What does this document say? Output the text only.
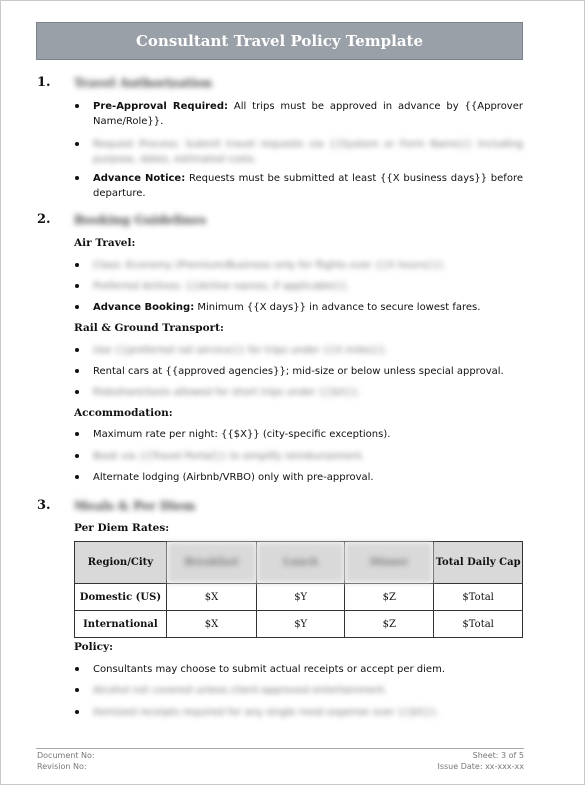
Consultant Travel Policy Template
1. Travel Authorization
Pre-Approval Required: All trips must be approved in advance by {{Approver Name/Role}}.
Request Process: Submit travel requests via {{System or Form Name}} including purpose, dates, estimated costs.
Advance Notice: Requests must be submitted at least {{X business days}} before departure.
2. Booking Guidelines
Air Travel:
Class: Economy (Premium/Business only for flights over {{X hours}}).
Preferred Airlines: {{Airline names, if applicable}}.
Advance Booking: Minimum {{X days}} in advance to secure lowest fares.
Rail & Ground Transport:
Use {{preferred rail service}} for trips under {{X miles}}.
Rental cars at {{approved agencies}}; mid-size or below unless special approval.
Rideshare/taxis allowed for short trips under {{$X}}.
Accommodation:
Maximum rate per night: {{$X}} (city-specific exceptions).
Book via {{Travel Portal}} to simplify reimbursement.
Alternate lodging (Airbnb/VRBO) only with pre-approval.
3. Meals & Per Diem
Per Diem Rates:
Region/City	Breakfast	Lunch	Dinner	Total Daily Cap
Domestic (US)	$X	$Y	$Z	$Total
International	$X	$Y	$Z	$Total
Policy:
Consultants may choose to submit actual receipts or accept per diem.
Alcohol not covered unless client-approved entertainment.
Itemized receipts required for any single meal expense over {{$X}}.
Document No:
Revision No:
Sheet: 3 of 5
Issue Date: xx-xxx-xx
